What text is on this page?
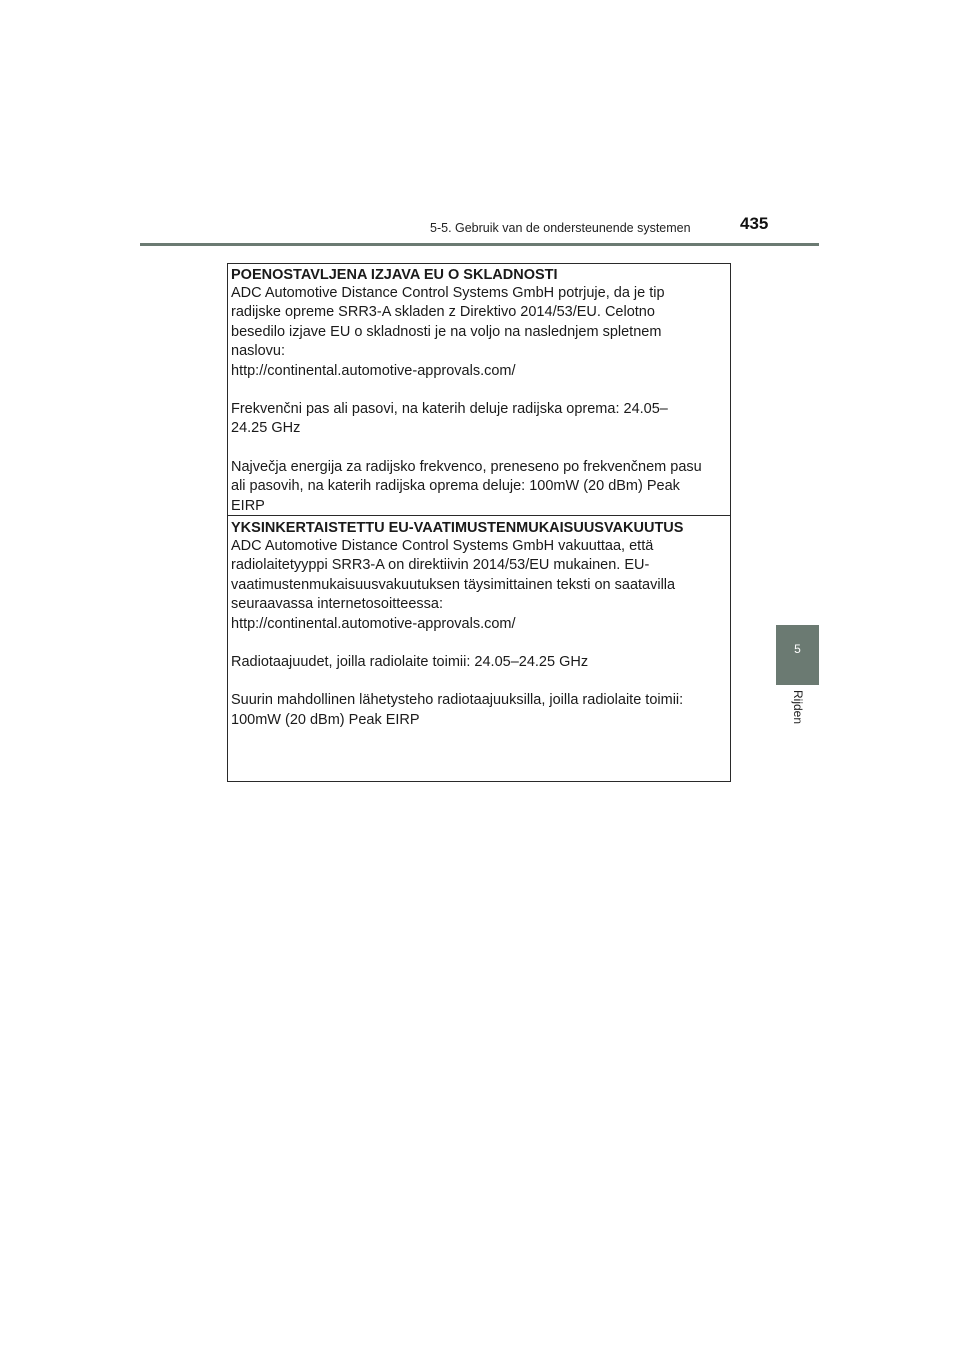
5-5. Gebruik van de ondersteunende systemen	435
5
Rijden

POENOSTAVLJENA IZJAVA EU O SKLADNOSTI

ADC Automotive Distance Control Systems GmbH potrjuje, da je tip
radijske opreme SRR3-A skladen z Direktivo 2014/53/EU. Celotno
besedilo izjave EU o skladnosti je na voljo na naslednjem spletnem
naslovu:
http://continental.automotive-approvals.com/

Frekvenčni pas ali pasovi, na katerih deluje radijska oprema: 24.05–
24.25 GHz

Največja energija za radijsko frekvenco, preneseno po frekvenčnem pasu
ali pasovih, na katerih radijska oprema deluje: 100mW (20 dBm) Peak
EIRP

YKSINKERTAISTETTU EU-VAATIMUSTENMUKAISUUSVAKUUTUS

ADC Automotive Distance Control Systems GmbH vakuuttaa, että
radiolaitetyyppi SRR3-A on direktiivin 2014/53/EU mukainen. EU-
vaatimustenmukaisuusvakuutuksen täysimittainen teksti on saatavilla
seuraavassa internetosoitteessa:
http://continental.automotive-approvals.com/

Radiotaajuudet, joilla radiolaite toimii: 24.05–24.25 GHz

Suurin mahdollinen lähetysteho radiotaajuuksilla, joilla radiolaite toimii:
100mW (20 dBm) Peak EIRP
